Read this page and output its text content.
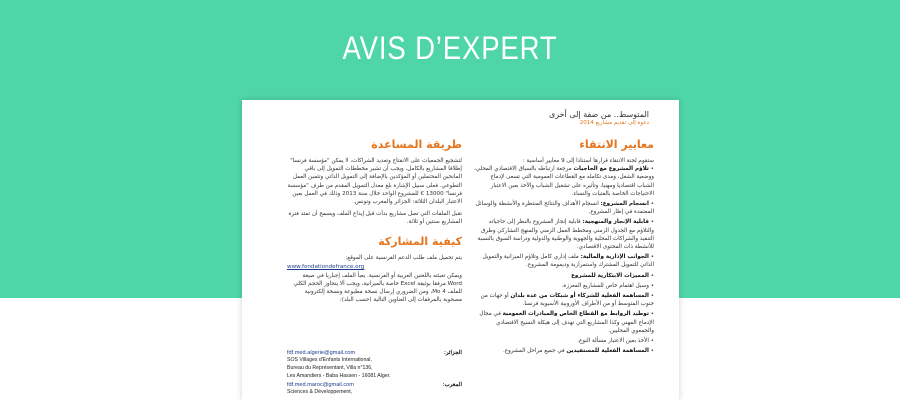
AVIS D’EXPERT
المتوسط.. من ضفة إلى أخرى
دعوة إلى تقديم مشاريع 2014
معايير الانتقاء
ستقوم لجنة الانتقاء قرارها استنادا إلى 9 معايير أساسية :
• تلاؤم المشروع مع الحاجيات مرجعة ارتباطه بالسياق الاقتصادي المحلي، ووضعية الشغل، ومدى تكامله مع القطاعات العمومية التي تسعى لإدماج الشباب اقتصاديا ومهنيا، وتأثيره على تشغيل الشباب والأخذ بعين الاعتبار الاحتياجات الخاصة بالفتيات والنساء.
• انسجام المشروع: انسجام الأهداف والنتائج المنتظرة والأنشطة والوسائل المعتمدة في إطار المشروع.
• قابلية الإنجاز والمنهجية: قابلية إنجاز المشروع بالنظر إلى حاجياته والتلاؤم مع الجدول الزمني ومخطط العمل الزمني والمنهج التشاركي وطرق التنفيذ والشراكات المحلية والجهوية والوطنية والدولية ودراسة السوق بالنسبة للأنشطة ذات المحتوى الاقتصادي.
• الجوانب الإدارية والمالية: ملف إداري كامل وتلاؤم الميزانية والتمويل الذاتي للتمويل المشترك واستمرارية وديمومة المشروع.
• المميزات الابتكارية للمشروع
• وسبل اهتمام خاص للمشاريع المعززة.
• المساهمة الفعلية للشركاء أو شبكات من عدة بلدان أو جهات من جنوب المتوسط أو من الأطراف الأوروبية الأسيوية فرنسا.
• توطيد الروابط مع القطاع الخاص والمبادرات العمومية في مجال الإدماج المهني وكذا المشاريع التي تهدف إلى هيكلة النسيج الاقتصادي والجمعوي المحليين.
• الأخذ بعين الاعتبار مسألة النوع.
• المساهمة الفعلية للمستفيدين في جميع مراحل المشروع.
طريقة المساعدة
لتشجيع الجمعيات على الانفتاح وتعديد الشراكات، لا يمكن "مؤسسة فرنسا" إطلاقا المشاريع بالكامل، ويجب أن تشير مخططات التمويل إلى باقي المانحين المحتملين أو المؤكدين بالإضافة إلى التمويل الذاتي وتثمين العمل التطوعي. فعلى سبيل الإشارة بلغ معدل التمويل المقدم من طرف "مؤسسة فرنسا" 13000 € للمشروع الواحد خلال سنة 2013 وذلك في العمل بعين الاعتبار البلدان الثلاثة: الجزائر والمغرب وتونس.
تقبل الملفات التي تصل مشاريع بدأت قبل إيداع الملف ويسمح أن تمتد فترة المشاريع سنتين أو ثلاثة.
كيفية المشاركة
يتم تحميل ملف طلب الدعم الفرنسية على الموقع:
www.fondationdefrance.org
ويمكن تعبئته باللغتين العربية أو الفرنسية. يعبأ الملف إجباريا في صيغة Word مرفقا بوثيقة Excel خاصة بالميزانية، ويجب ألا يتجاوز الحجم الكلي للملف 4 Mo، ومن الضروري إرسال نسخة مطبوعة ونسخة إلكترونية مصحوبة بالمرفقات إلى العناوين التالية (حسب البلد):
fdf.med.algerie@gmail.com	الجزائر:
SOS Villages d'Enfants International,
Bureau du Représentant, Villa n°136,
Les Amandiers - Baba Hassen - 16081 Alger.
fdf.med.maroc@gmail.com	المغرب:
Sciences & Développement,
